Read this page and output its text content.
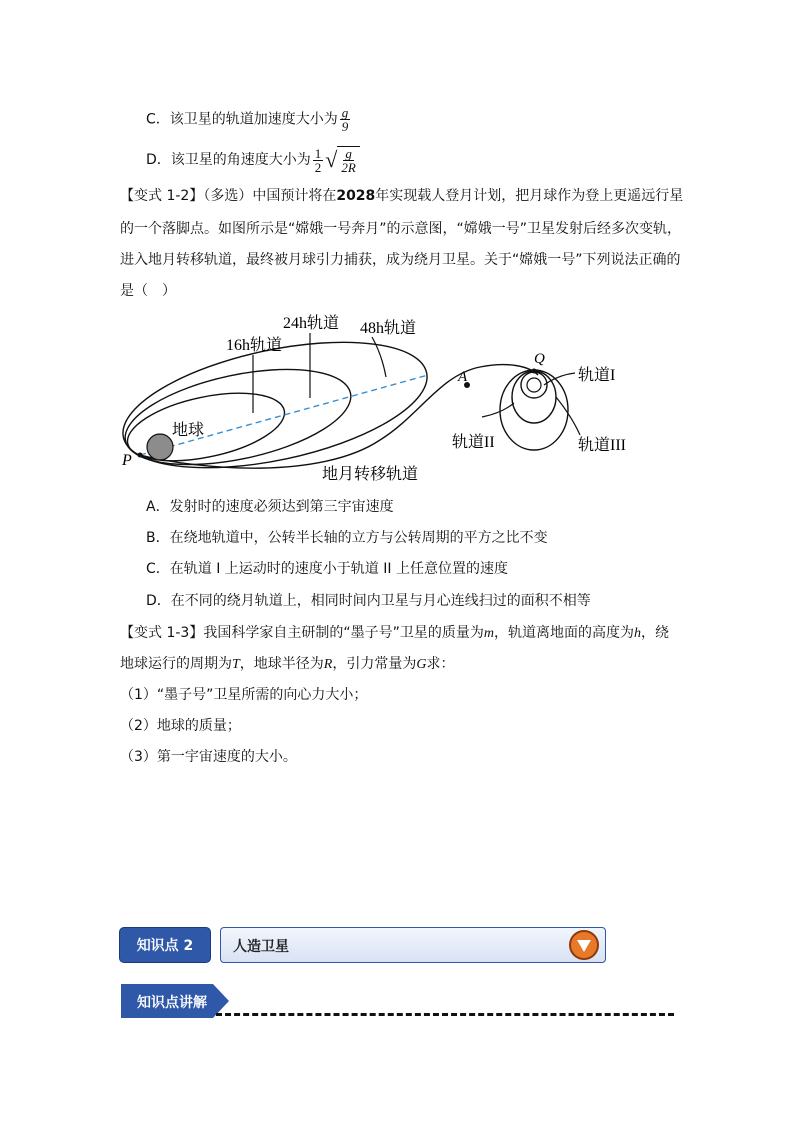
C．该卫星的轨道加速度大小为 $\frac{g}{9}$
D．该卫星的角速度大小为 $\frac{1}{2}$ √ $\frac{g}{2R}$
【变式 1-2】（多选）中国预计将在2028年实现载人登月计划，把月球作为登上更遥远行星
的一个落脚点。如图所示是“嫦娥一号奔月”的示意图，“嫦娥一号”卫星发射后经多次变轨，
进入地月转移轨道，最终被月球引力捕获，成为绕月卫星。关于“嫦娥一号”下列说法正确的
是（　）
16h轨道
24h轨道 48h轨道
地球
P
A
Q
轨道I
轨道II	轨道III
地月转移轨道
A．发射时的速度必须达到第三宇宙速度
B．在绕地轨道中，公转半长轴的立方与公转周期的平方之比不变
C．在轨道 I 上运动时的速度小于轨道 II 上任意位置的速度
D．在不同的绕月轨道上，相同时间内卫星与月心连线扫过的面积不相等
【变式 1-3】我国科学家自主研制的“墨子号”卫星的质量为m，轨道离地面的高度为h，绕
地球运行的周期为T，地球半径为R，引力常量为G求：
（1）“墨子号”卫星所需的向心力大小；
（2）地球的质量；
（3）第一宇宙速度的大小。
知识点 2	人造卫星
知识点讲解
